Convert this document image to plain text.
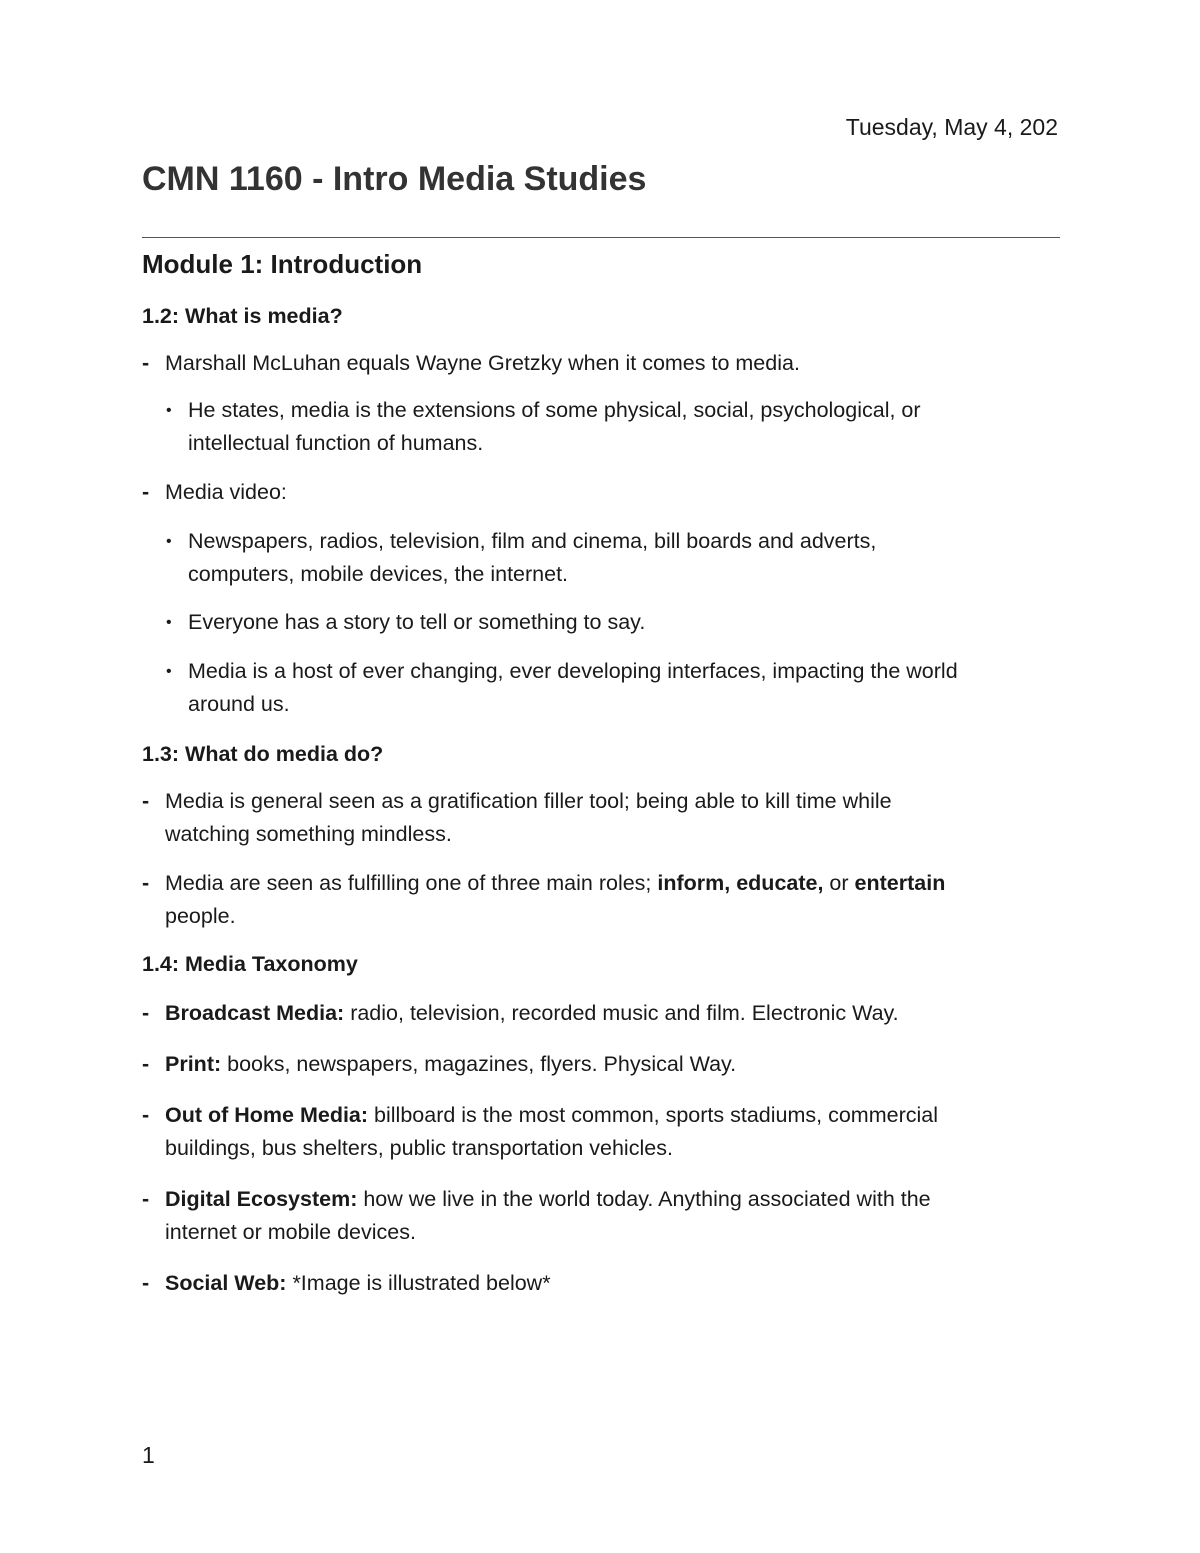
Tuesday, May 4, 202
CMN 1160 - Intro Media Studies
Module 1: Introduction
1.2: What is media?
- Marshall McLuhan equals Wayne Gretzky when it comes to media.
• He states, media is the extensions of some physical, social, psychological, or
intellectual function of humans.
- Media video:
• Newspapers, radios, television, film and cinema, bill boards and adverts,
computers, mobile devices, the internet.
• Everyone has a story to tell or something to say.
• Media is a host of ever changing, ever developing interfaces, impacting the world
around us.
1.3: What do media do?
- Media is general seen as a gratification filler tool; being able to kill time while
watching something mindless.
- Media are seen as fulfilling one of three main roles; inform, educate, or entertain
people.
1.4: Media Taxonomy
- Broadcast Media: radio, television, recorded music and film. Electronic Way.
- Print: books, newspapers, magazines, flyers. Physical Way.
- Out of Home Media: billboard is the most common, sports stadiums, commercial
buildings, bus shelters, public transportation vehicles.
- Digital Ecosystem: how we live in the world today. Anything associated with the
internet or mobile devices.
- Social Web: *Image is illustrated below*
1
